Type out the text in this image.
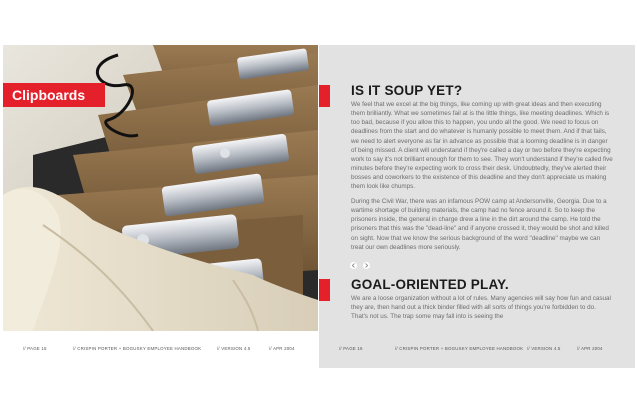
Clipboards
// PAGE 15	// CRISPIN PORTER + BOGUSKY EMPLOYEE HANDBOOK	// VERSION 4.5	// APR 2004
IS IT SOUP YET?

We feel that we excel at the big things, like coming up with great ideas and then executing them brilliantly. What we sometimes fail at is the little things, like meeting deadlines. Which is too bad, because if you allow this to happen, you undo all the good. We need to focus on deadlines from the start and do whatever is humanly possible to meet them. And if that fails, we need to alert everyone as far in advance as possible that a looming deadline is in danger of being missed. A client will understand if they're called a day or two before they're expecting work to say it's not brilliant enough for them to see. They won't understand if they're called five minutes before they're expecting work to cross their desk. Undoubtedly, they've alerted their bosses and coworkers to the existence of this deadline and they don't appreciate us making them look like chumps.

During the Civil War, there was an infamous POW camp at Andersonville, Georgia. Due to a wartime shortage of building materials, the camp had no fence around it. So to keep the prisoners inside, the general in charge drew a line in the dirt around the camp. He told the prisoners that this was the "dead-line" and if anyone crossed it, they would be shot and killed on sight. Now that we know the serious background of the word "deadline" maybe we can treat our own deadlines more seriously.

GOAL-ORIENTED PLAY.

We are a loose organization without a lot of rules. Many agencies will say how fun and casual they are, then hand out a thick binder filled with all sorts of things you're forbidden to do. That's not us. The trap some may fall into is seeing the

// PAGE 16	// CRISPIN PORTER + BOGUSKY EMPLOYEE HANDBOOK // VERSION 4.5	// APR 2004
